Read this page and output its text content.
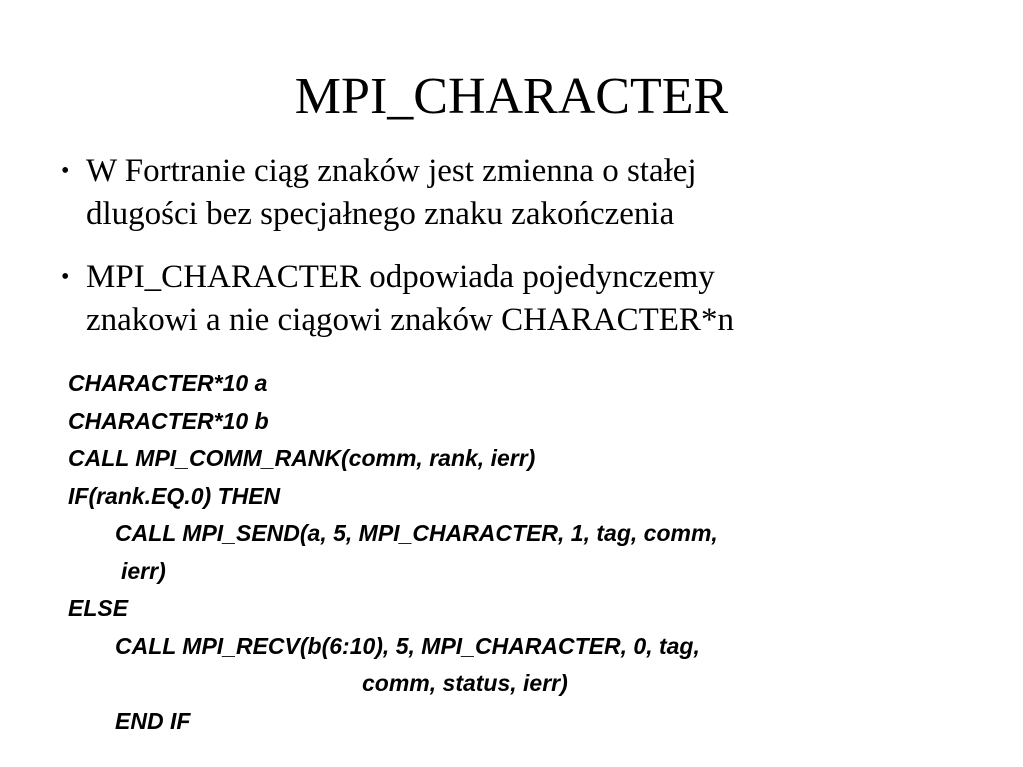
MPI_CHARACTER
• W Fortranie ciąg znaków jest zmienna o stałej
dlugości bez specjałnego znaku zakończenia
• MPI_CHARACTER odpowiada pojedynczemy
znakowi a nie ciągowi znaków CHARACTER*n
CHARACTER*10 a
CHARACTER*10 b
CALL MPI_COMM_RANK(comm, rank, ierr)
IF(rank.EQ.0) THEN
CALL MPI_SEND(a, 5, MPI_CHARACTER, 1, tag, comm,
ierr)
ELSE
CALL MPI_RECV(b(6:10), 5, MPI_CHARACTER, 0, tag,
comm, status, ierr)
END IF
